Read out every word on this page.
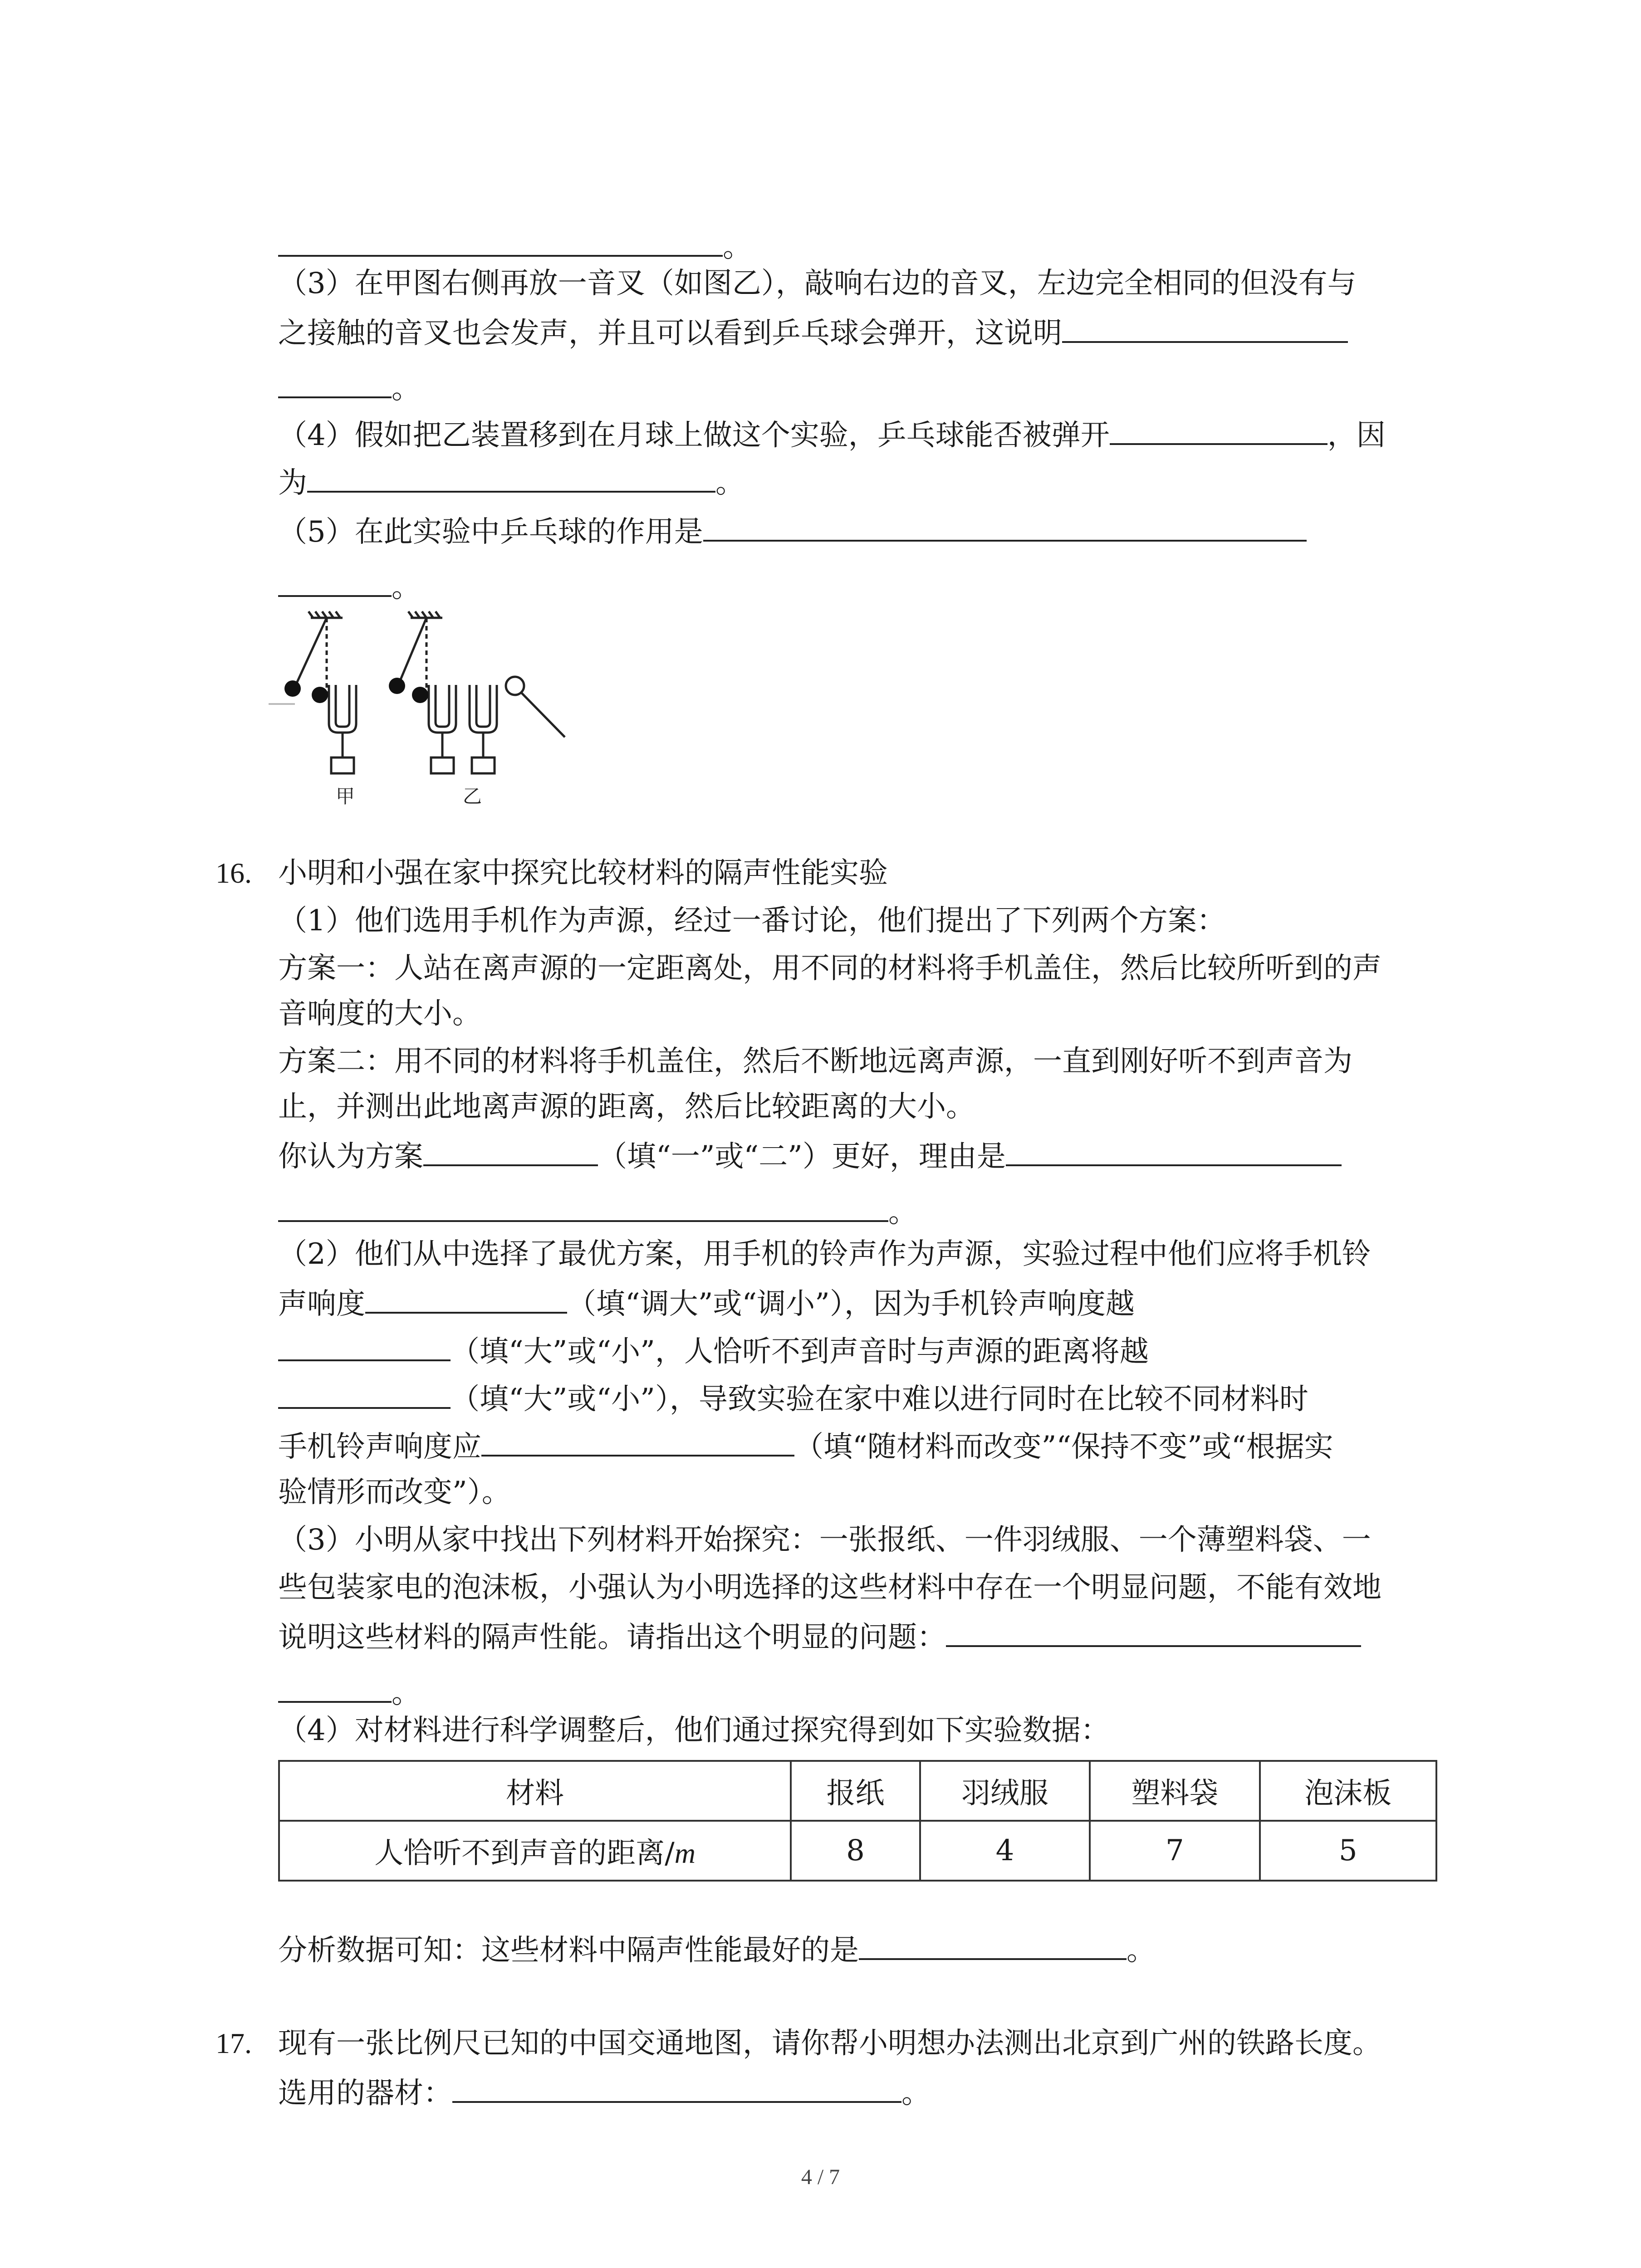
。
（3）在甲图右侧再放一音叉（如图乙），敲响右边的音叉，左边完全相同的但没有与
之接触的音叉也会发声，并且可以看到乒乓球会弹开，这说明
。
（4）假如把乙装置移到在月球上做这个实验，乒乓球能否被弹开	，因
为	。
（5）在此实验中乒乓球的作用是
。
甲	乙
16. 小明和小强在家中探究比较材料的隔声性能实验
（1）他们选用手机作为声源，经过一番讨论，他们提出了下列两个方案：
方案一：人站在离声源的一定距离处，用不同的材料将手机盖住，然后比较所听到的声
音响度的大小。
方案二：用不同的材料将手机盖住，然后不断地远离声源，一直到刚好听不到声音为
止，并测出此地离声源的距离，然后比较距离的大小。
你认为方案	（填“一”或“二”）更好，理由是
。
（2）他们从中选择了最优方案，用手机的铃声作为声源，实验过程中他们应将手机铃
声响度	（填“调大”或“调小”），因为手机铃声响度越
（填“大”或“小”，人恰听不到声音时与声源的距离将越
（填“大”或“小”），导致实验在家中难以进行同时在比较不同材料时
手机铃声响度应	（填“随材料而改变”“保持不变”或“根据实
验情形而改变”）。
（3）小明从家中找出下列材料开始探究：一张报纸、一件羽绒服、一个薄塑料袋、一
些包装家电的泡沫板，小强认为小明选择的这些材料中存在一个明显问题，不能有效地
说明这些材料的隔声性能。请指出这个明显的问题：
。
（4）对材料进行科学调整后，他们通过探究得到如下实验数据：
材料	报纸	羽绒服	塑料袋	泡沫板
人恰听不到声音的距离/m	8	4	7	5
分析数据可知：这些材料中隔声性能最好的是	。
17. 现有一张比例尺已知的中国交通地图，请你帮小明想办法测出北京到广州的铁路长度。
选用的器材：	。
4 / 7
